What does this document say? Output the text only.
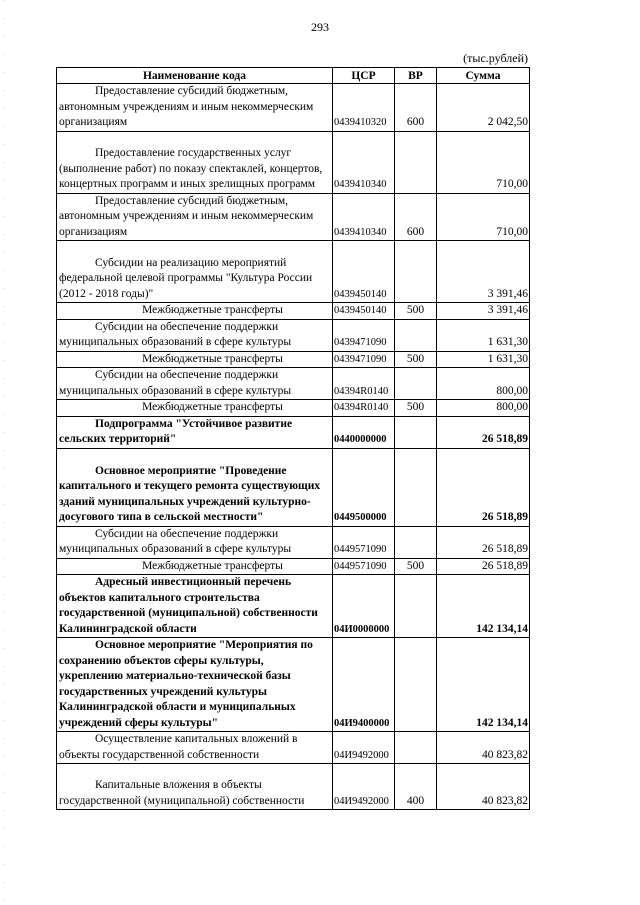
293
(тыс.рублей)
Наименование кода	ЦСР	ВР	Сумма
Предоставление субсидий бюджетным, автономным учреждениям и иным некоммерческим организациям	0439410320	600	2 042,50
Предоставление государственных услуг (выполнение работ) по показу спектаклей, концертов, концертных программ и иных зрелищных программ	0439410340		710,00
Предоставление субсидий бюджетным, автономным учреждениям и иным некоммерческим организациям	0439410340	600	710,00
Субсидии на реализацию мероприятий федеральной целевой программы "Культура России (2012 - 2018 годы)"	0439450140		3 391,46
Межбюджетные трансферты	0439450140	500	3 391,46
Субсидии на обеспечение поддержки муниципальных образований в сфере культуры	0439471090		1 631,30
Межбюджетные трансферты	0439471090	500	1 631,30
Субсидии на обеспечение поддержки муниципальных образований в сфере культуры	04394R0140		800,00
Межбюджетные трансферты	04394R0140	500	800,00
Подпрограмма "Устойчивое развитие сельских территорий"	0440000000		26 518,89
Основное мероприятие "Проведение капитального и текущего ремонта существующих зданий муниципальных учреждений культурно-досугового типа в сельской местности"	0449500000		26 518,89
Субсидии на обеспечение поддержки муниципальных образований в сфере культуры	0449571090		26 518,89
Межбюджетные трансферты	0449571090	500	26 518,89
Адресный инвестиционный перечень объектов капитального строительства государственной (муниципальной) собственности Калининградской области	04И0000000		142 134,14
Основное мероприятие "Мероприятия по сохранению объектов сферы культуры, укреплению материально-технической базы государственных учреждений культуры Калининградской области и муниципальных учреждений сферы культуры"	04И9400000		142 134,14
Осуществление капитальных вложений в объекты государственной собственности	04И9492000		40 823,82
Капитальные вложения в объекты государственной (муниципальной) собственности	04И9492000	400	40 823,82
